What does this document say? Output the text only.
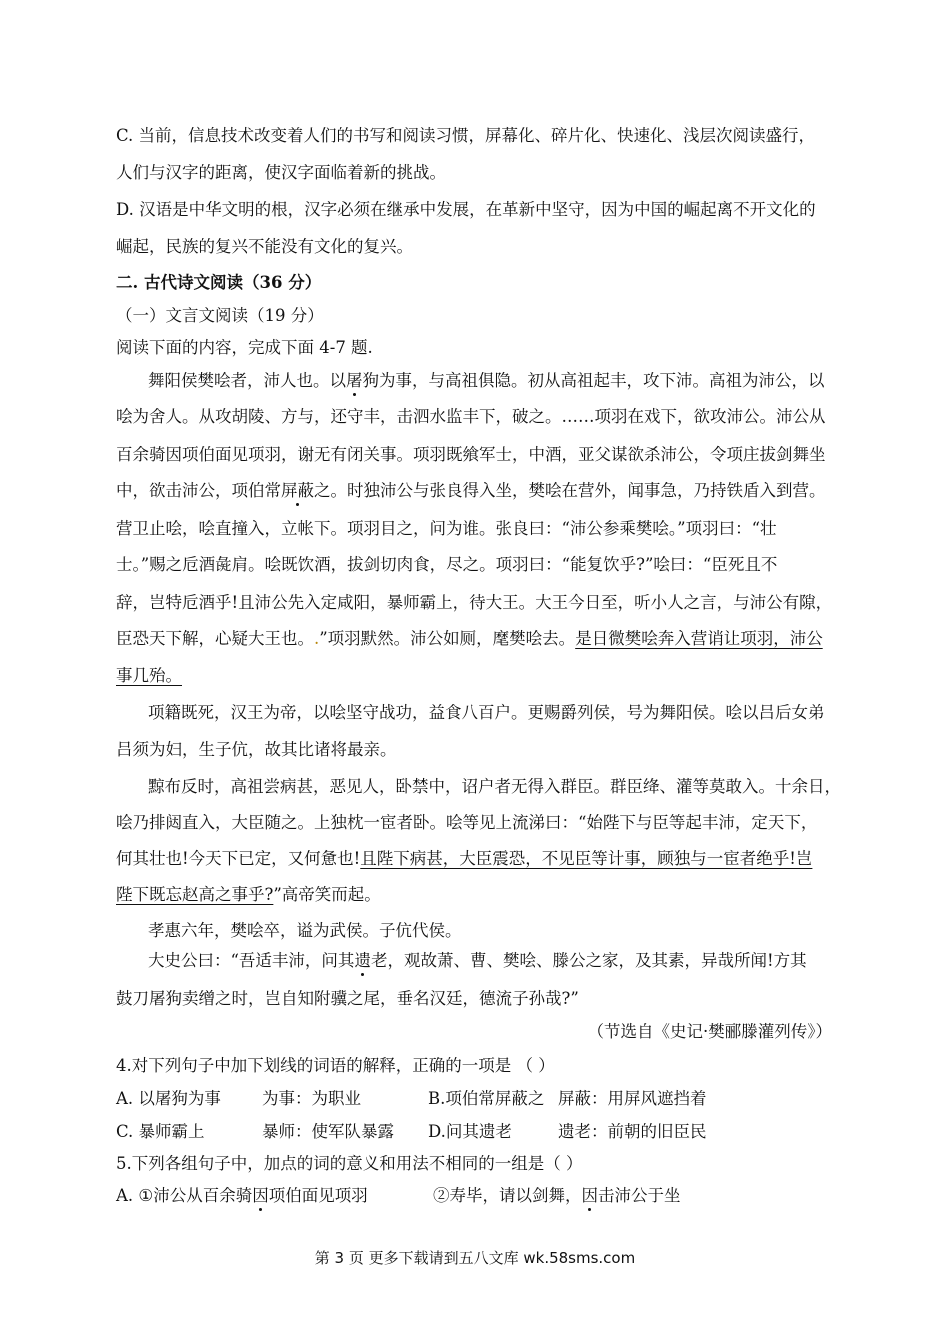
C. 当前，信息技术改变着人们的书写和阅读习惯，屏幕化、碎片化、快速化、浅层次阅读盛行，
人们与汉字的距离，使汉字面临着新的挑战。
D. 汉语是中华文明的根，汉字必须在继承中发展，在革新中坚守，因为中国的崛起离不开文化的
崛起，民族的复兴不能没有文化的复兴。
二. 古代诗文阅读（36 分）
（一）文言文阅读（19 分）
阅读下面的内容，完成下面 4-7 题.
舞阳侯樊哙者，沛人也。以屠狗为事，与高祖俱隐。初从高祖起丰，攻下沛。高祖为沛公，以
哙为舍人。从攻胡陵、方与，还守丰，击泗水监丰下，破之。……项羽在戏下，欲攻沛公。沛公从
百余骑因项伯面见项羽，谢无有闭关事。项羽既飨军士，中酒，亚父谋欲杀沛公，令项庄拔剑舞坐
中，欲击沛公，项伯常屏蔽之。时独沛公与张良得入坐，樊哙在营外，闻事急，乃持铁盾入到营。
营卫止哙，哙直撞入，立帐下。项羽目之，问为谁。张良曰：“沛公参乘樊哙。”项羽曰：“壮
士。”赐之卮酒彘肩。哙既饮酒，拔剑切肉食，尽之。项羽曰：“能复饮乎?”哙曰：“臣死且不
辞，岂特卮酒乎!且沛公先入定咸阳，暴师霸上，待大王。大王今日至，听小人之言，与沛公有隙，
臣恐天下解，心疑大王也。.”项羽默然。沛公如厕，麾樊哙去。是日微樊哙奔入营诮让项羽，沛公
事几殆。
项籍既死，汉王为帝，以哙坚守战功，益食八百户。更赐爵列侯，号为舞阳侯。哙以吕后女弟
吕须为妇，生子伉，故其比诸将最亲。
黥布反时，高祖尝病甚，恶见人，卧禁中，诏户者无得入群臣。群臣绛、灌等莫敢入。十余日，
哙乃排闼直入，大臣随之。上独枕一宦者卧。哙等见上流涕曰：“始陛下与臣等起丰沛，定天下，
何其壮也!今天下已定，又何惫也!且陛下病甚，大臣震恐，不见臣等计事，顾独与一宦者绝乎!岂
陛下既忘赵高之事乎?”高帝笑而起。
孝惠六年，樊哙卒，谥为武侯。子伉代侯。
大史公曰：“吾适丰沛，问其遗老，观故萧、曹、樊哙、滕公之家，及其素，异哉所闻!方其
鼓刀屠狗卖缯之时，岂自知附骥之尾，垂名汉廷，德流子孙哉?”
（节选自《史记·樊郦滕灌列传》）
4.对下列句子中加下划线的词语的解释，正确的一项是 （ ）
A. 以屠狗为事 为事：为职业	B.项伯常屏蔽之 屏蔽：用屏风遮挡着
C. 暴师霸上	暴师：使军队暴露 D.问其遗老	遗老：前朝的旧臣民
5.下列各组句子中，加点的词的意义和用法不相同的一组是（ ）
A. ①沛公从百余骑因项伯面见项羽	②寿毕，请以剑舞，因击沛公于坐
第 3 页 更多下载请到五八文库 wk.58sms.com
